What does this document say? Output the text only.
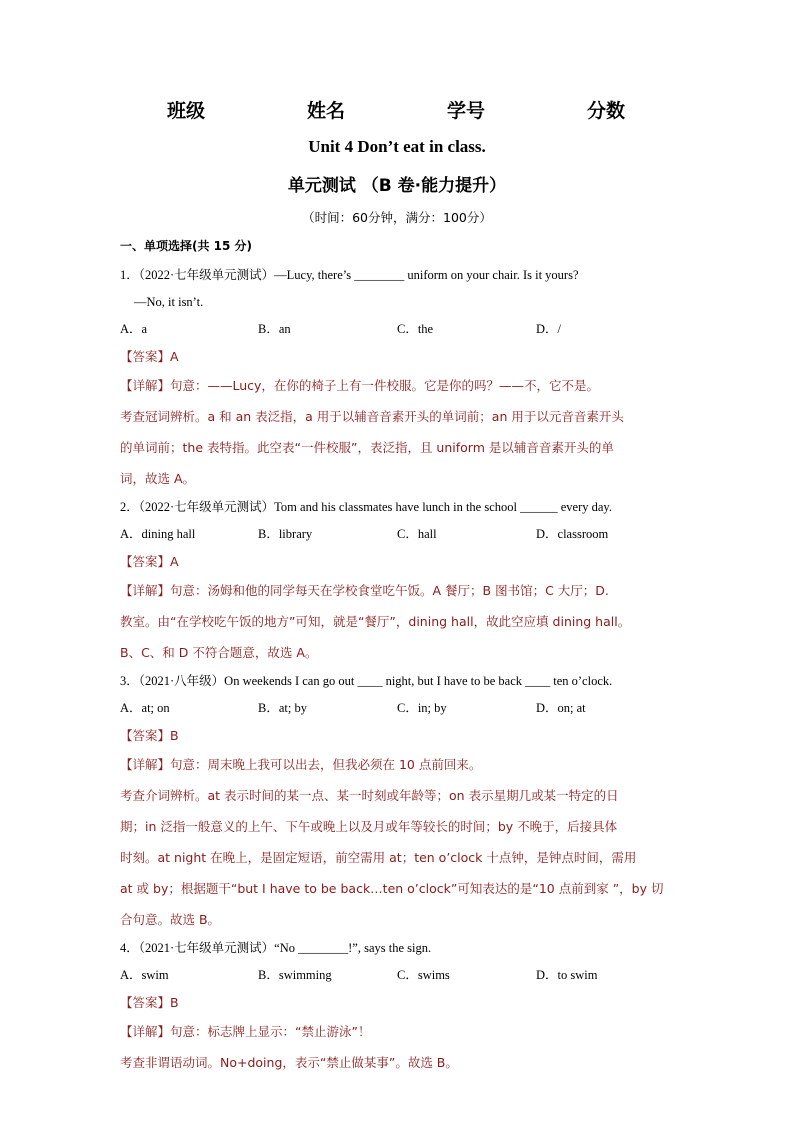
班级	姓名	学号	分数
Unit 4 Don’t eat in class.
单元测试 （B 卷·能力提升）
（时间：60分钟，满分：100分）
一、单项选择(共 15 分)
1．（2022·七年级单元测试）—Lucy, there’s ________ uniform on your chair. Is it yours?
—No, it isn’t.
A．a	B．an	C．the	D．/
【答案】A
【详解】句意：——Lucy，在你的椅子上有一件校服。它是你的吗？——不，它不是。
考查冠词辨析。a 和 an 表泛指，a 用于以辅音音素开头的单词前；an 用于以元音音素开头
的单词前；the 表特指。此空表“一件校服”，表泛指，且 uniform 是以辅音音素开头的单
词，故选 A。
2．（2022·七年级单元测试）Tom and his classmates have lunch in the school ______ every day.
A．dining hall	B．library	C．hall	D．classroom
【答案】A
【详解】句意：汤姆和他的同学每天在学校食堂吃午饭。A 餐厅；B 图书馆；C 大厅；D.
教室。由“在学校吃午饭的地方”可知，就是“餐厅”，dining hall，故此空应填 dining hall。
B、C、和 D 不符合题意，故选 A。
3．（2021·八年级）On weekends I can go out ____ night, but I have to be back ____ ten o’clock.
A．at; on	B．at; by	C．in; by	D．on; at
【答案】B
【详解】句意：周末晚上我可以出去，但我必须在 10 点前回来。
考查介词辨析。at 表示时间的某一点、某一时刻或年龄等；on 表示星期几或某一特定的日
期；in 泛指一般意义的上午、下午或晚上以及月或年等较长的时间；by 不晚于，后接具体
时刻。at night 在晚上，是固定短语，前空需用 at；ten o’clock 十点钟，是钟点时间，需用
at 或 by；根据题干“but I have to be back…ten o’clock”可知表达的是“10 点前到家 ”，by 切
合句意。故选 B。
4．（2021·七年级单元测试）“No ________!”, says the sign.
A．swim	B．swimming	C．swims	D．to swim
【答案】B
【详解】句意：标志牌上显示：“禁止游泳”！
考查非谓语动词。No+doing，表示“禁止做某事”。故选 B。
